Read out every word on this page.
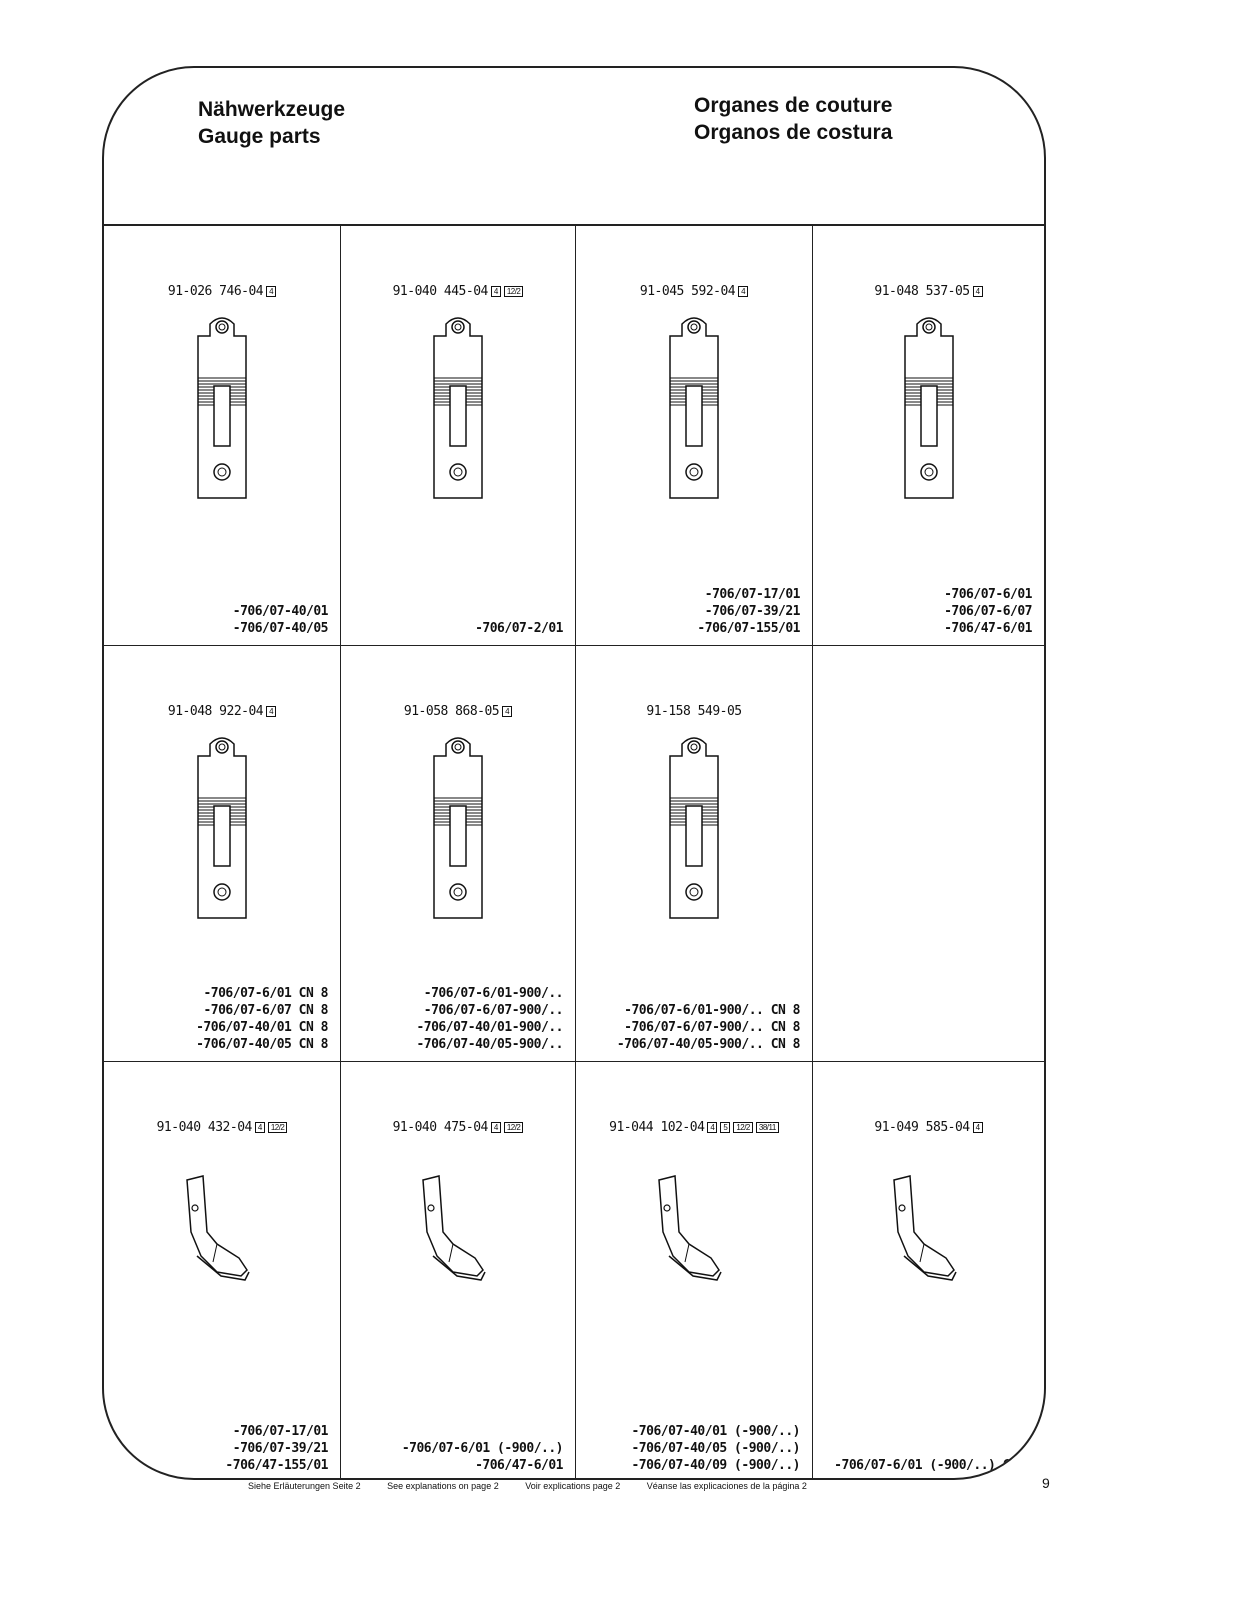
Nähwerkzeuge
Gauge parts
Organes de couture
Organos de costura
91-026 746-04 4
-706/07-40/01
-706/07-40/05
91-040 445-04 4 12/2
-706/07-2/01
91-045 592-04 4
-706/07-17/01
-706/07-39/21
-706/07-155/01
91-048 537-05 4
-706/07-6/01
-706/07-6/07
-706/47-6/01
91-048 922-04 4
-706/07-6/01 CN 8
-706/07-6/07 CN 8
-706/07-40/01 CN 8
-706/07-40/05 CN 8
91-058 868-05 4
-706/07-6/01-900/..
-706/07-6/07-900/..
-706/07-40/01-900/..
-706/07-40/05-900/..
91-158 549-05
-706/07-6/01-900/.. CN 8
-706/07-6/07-900/.. CN 8
-706/07-40/05-900/.. CN 8
91-040 432-04 4 12/2
-706/07-17/01
-706/07-39/21
-706/47-155/01
91-040 475-04 4 12/2
-706/07-6/01 (-900/..)
-706/47-6/01
91-044 102-04 4 5 12/2 38/11
-706/07-40/01 (-900/..)
-706/07-40/05 (-900/..)
-706/07-40/09 (-900/..)
91-049 585-04 4
-706/07-6/01 (-900/..) CN 8
Siehe Erläuterungen Seite 2	See explanations on page 2	Voir explications page 2	Véanse las explicaciones de la página 2	9
